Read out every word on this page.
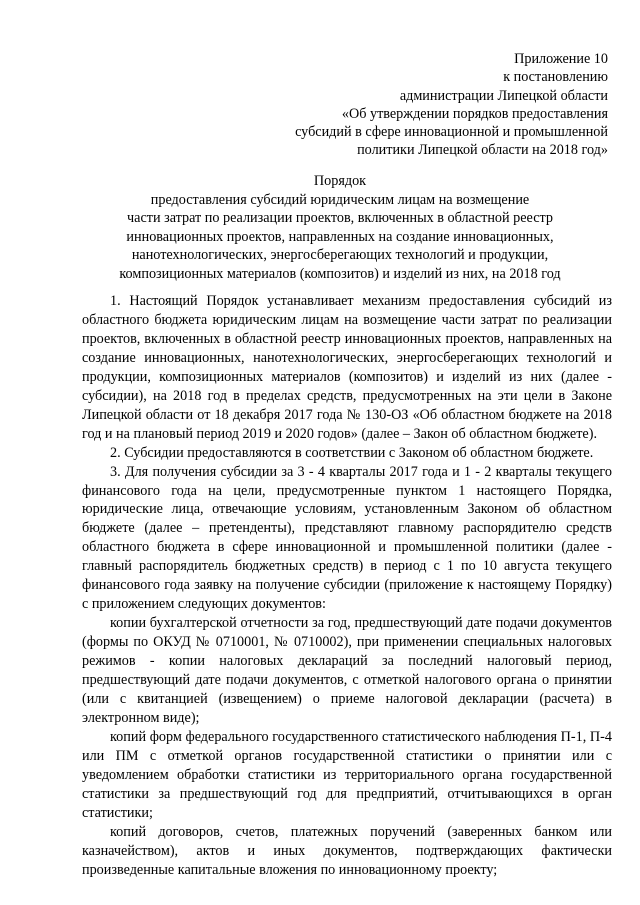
Приложение 10
к постановлению
администрации Липецкой области
«Об утверждении порядков предоставления
субсидий в сфере инновационной и промышленной
политики Липецкой области на 2018 год»
Порядок
предоставления субсидий юридическим лицам на возмещение
части затрат по реализации проектов, включенных в областной реестр
инновационных проектов, направленных на создание инновационных,
нанотехнологических, энергосберегающих технологий и продукции,
композиционных материалов (композитов) и изделий из них, на 2018 год

1. Настоящий Порядок устанавливает механизм предоставления субсидий из областного бюджета юридическим лицам на возмещение части затрат по реализации проектов, включенных в областной реестр инновационных проектов, направленных на создание инновационных, нанотехнологических, энергосберегающих технологий и продукции, композиционных материалов (композитов) и изделий из них (далее - субсидии), на 2018 год в пределах средств, предусмотренных на эти цели в Законе Липецкой области от 18 декабря 2017 года № 130-ОЗ «Об областном бюджете на 2018 год и на плановый период 2019 и 2020 годов» (далее – Закон об областном бюджете).

2. Субсидии предоставляются в соответствии с Законом об областном бюджете.

3. Для получения субсидии за 3 - 4 кварталы 2017 года и 1 - 2 кварталы текущего финансового года на цели, предусмотренные пунктом 1 настоящего Порядка, юридические лица, отвечающие условиям, установленным Законом об областном бюджете (далее – претенденты), представляют главному распорядителю средств областного бюджета в сфере инновационной и промышленной политики (далее - главный распорядитель бюджетных средств) в период с 1 по 10 августа текущего финансового года заявку на получение субсидии (приложение к настоящему Порядку) с приложением следующих документов:

копии бухгалтерской отчетности за год, предшествующий дате подачи документов (формы по ОКУД № 0710001, № 0710002), при применении специальных налоговых режимов - копии налоговых деклараций за последний налоговый период, предшествующий дате подачи документов, с отметкой налогового органа о принятии (или с квитанцией (извещением) о приеме налоговой декларации (расчета) в электронном виде);

копий форм федерального государственного статистического наблюдения П-1, П-4 или ПМ с отметкой органов государственной статистики о принятии или с уведомлением обработки статистики из территориального органа государственной статистики за предшествующий год для предприятий, отчитывающихся в орган статистики;

копий договоров, счетов, платежных поручений (заверенных банком или казначейством), актов и иных документов, подтверждающих фактически произведенные капитальные вложения по инновационному проекту;
